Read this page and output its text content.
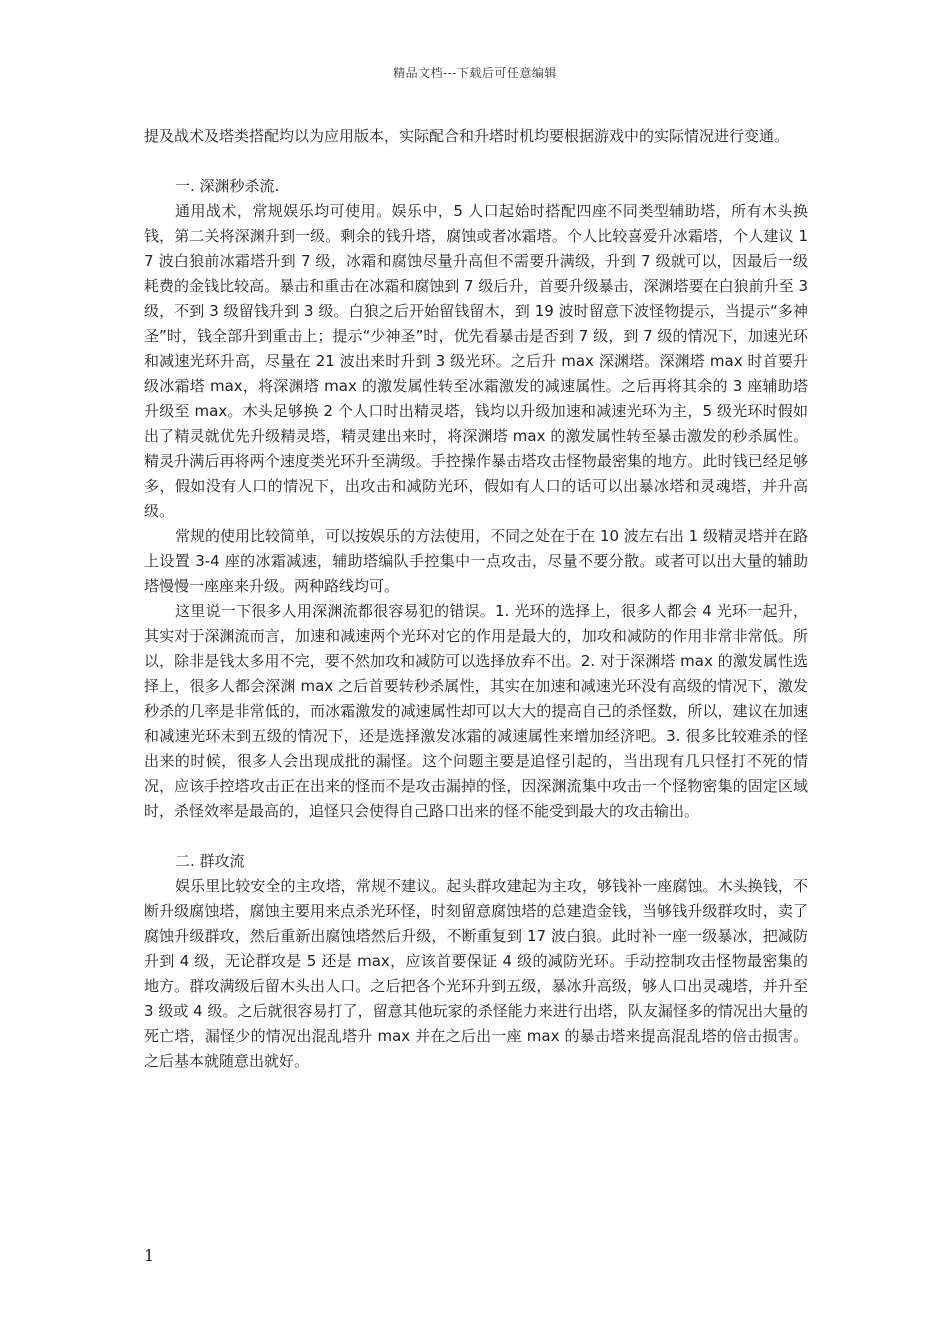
精品文档---下载后可任意编辑

提及战术及塔类搭配均以为应用版本，实际配合和升塔时机均要根据游戏中的实际情况进行变通。

一. 深渊秒杀流.

通用战术，常规娱乐均可使用。娱乐中，5 人口起始时搭配四座不同类型辅助塔，所有木头换钱，第二关将深渊升到一级。剩余的钱升塔，腐蚀或者冰霜塔。个人比较喜爱升冰霜塔，个人建议 17 波白狼前冰霜塔升到 7 级，冰霜和腐蚀尽量升高但不需要升满级，升到 7 级就可以，因最后一级耗费的金钱比较高。暴击和重击在冰霜和腐蚀到 7 级后升，首要升级暴击，深渊塔要在白狼前升至 3 级，不到 3 级留钱升到 3 级。白狼之后开始留钱留木，到 19 波时留意下波怪物提示，当提示“多神圣”时，钱全部升到重击上；提示“少神圣”时，优先看暴击是否到 7 级，到 7 级的情况下，加速光环和减速光环升高，尽量在 21 波出来时升到 3 级光环。之后升 max 深渊塔。深渊塔 max 时首要升级冰霜塔 max，将深渊塔 max 的激发属性转至冰霜激发的减速属性。之后再将其余的 3 座辅助塔升级至 max。木头足够换 2 个人口时出精灵塔，钱均以升级加速和减速光环为主，5 级光环时假如出了精灵就优先升级精灵塔，精灵建出来时，将深渊塔 max 的激发属性转至暴击激发的秒杀属性。精灵升满后再将两个速度类光环升至满级。手控操作暴击塔攻击怪物最密集的地方。此时钱已经足够多，假如没有人口的情况下，出攻击和减防光环，假如有人口的话可以出暴冰塔和灵魂塔，并升高级。

常规的使用比较简单，可以按娱乐的方法使用，不同之处在于在 10 波左右出 1 级精灵塔并在路上设置 3-4 座的冰霜减速，辅助塔编队手控集中一点攻击，尽量不要分散。或者可以出大量的辅助塔慢慢一座座来升级。两种路线均可。

这里说一下很多人用深渊流都很容易犯的错误。1. 光环的选择上，很多人都会 4 光环一起升，其实对于深渊流而言，加速和减速两个光环对它的作用是最大的，加攻和减防的作用非常非常低。所以，除非是钱太多用不完，要不然加攻和减防可以选择放弃不出。2. 对于深渊塔 max 的激发属性选择上，很多人都会深渊 max 之后首要转秒杀属性，其实在加速和减速光环没有高级的情况下，激发秒杀的几率是非常低的，而冰霜激发的减速属性却可以大大的提高自己的杀怪数，所以，建议在加速和减速光环未到五级的情况下，还是选择激发冰霜的减速属性来增加经济吧。3. 很多比较难杀的怪出来的时候，很多人会出现成批的漏怪。这个问题主要是追怪引起的，当出现有几只怪打不死的情况，应该手控塔攻击正在出来的怪而不是攻击漏掉的怪，因深渊流集中攻击一个怪物密集的固定区域时，杀怪效率是最高的，追怪只会使得自己路口出来的怪不能受到最大的攻击输出。

二. 群攻流

娱乐里比较安全的主攻塔，常规不建议。起头群攻建起为主攻，够钱补一座腐蚀。木头换钱，不断升级腐蚀塔，腐蚀主要用来点杀光环怪，时刻留意腐蚀塔的总建造金钱，当够钱升级群攻时，卖了腐蚀升级群攻，然后重新出腐蚀塔然后升级，不断重复到 17 波白狼。此时补一座一级暴冰，把减防升到 4 级，无论群攻是 5 还是 max，应该首要保证 4 级的减防光环。手动控制攻击怪物最密集的地方。群攻满级后留木头出人口。之后把各个光环升到五级，暴冰升高级，够人口出灵魂塔，并升至 3 级或 4 级。之后就很容易打了，留意其他玩家的杀怪能力来进行出塔，队友漏怪多的情况出大量的死亡塔，漏怪少的情况出混乱塔升 max 并在之后出一座 max 的暴击塔来提高混乱塔的倍击损害。之后基本就随意出就好。

1
